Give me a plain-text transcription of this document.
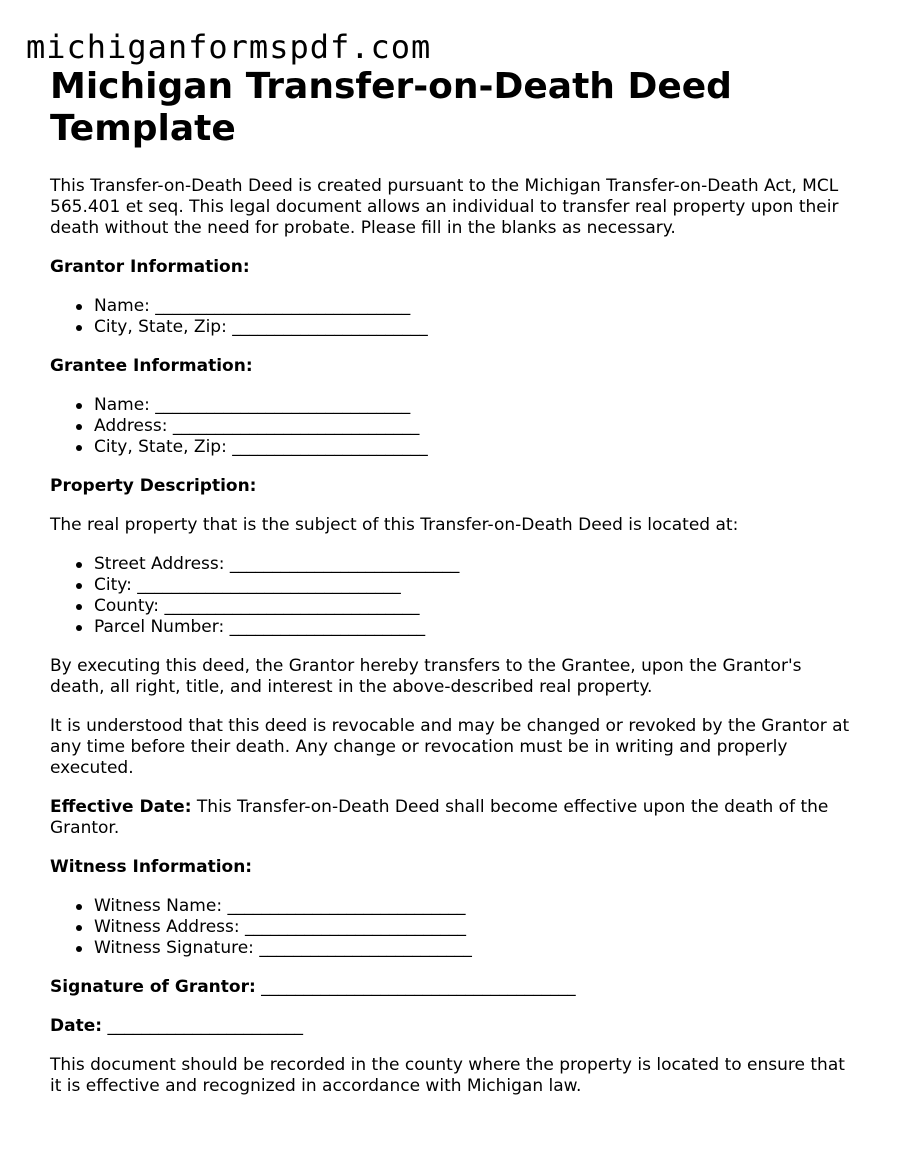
michiganformspdf.com
Michigan Transfer-on-Death Deed Template

This Transfer-on-Death Deed is created pursuant to the Michigan Transfer-on-Death Act, MCL 565.401 et seq. This legal document allows an individual to transfer real property upon their death without the need for probate. Please fill in the blanks as necessary.

Grantor Information:
Name: ______________________________
City, State, Zip: _______________________
Grantee Information:
Name: ______________________________
Address: _____________________________
City, State, Zip: _______________________
Property Description:

The real property that is the subject of this Transfer-on-Death Deed is located at:

Street Address: ___________________________
City: _______________________________
County: ______________________________
Parcel Number: _______________________

By executing this deed, the Grantor hereby transfers to the Grantee, upon the Grantor's death, all right, title, and interest in the above-described real property.

It is understood that this deed is revocable and may be changed or revoked by the Grantor at any time before their death. Any change or revocation must be in writing and properly executed.

Effective Date: This Transfer-on-Death Deed shall become effective upon the death of the Grantor.

Witness Information:
Witness Name: ____________________________
Witness Address: __________________________
Witness Signature: _________________________

Signature of Grantor: _____________________________________

Date: _______________________

This document should be recorded in the county where the property is located to ensure that it is effective and recognized in accordance with Michigan law.
